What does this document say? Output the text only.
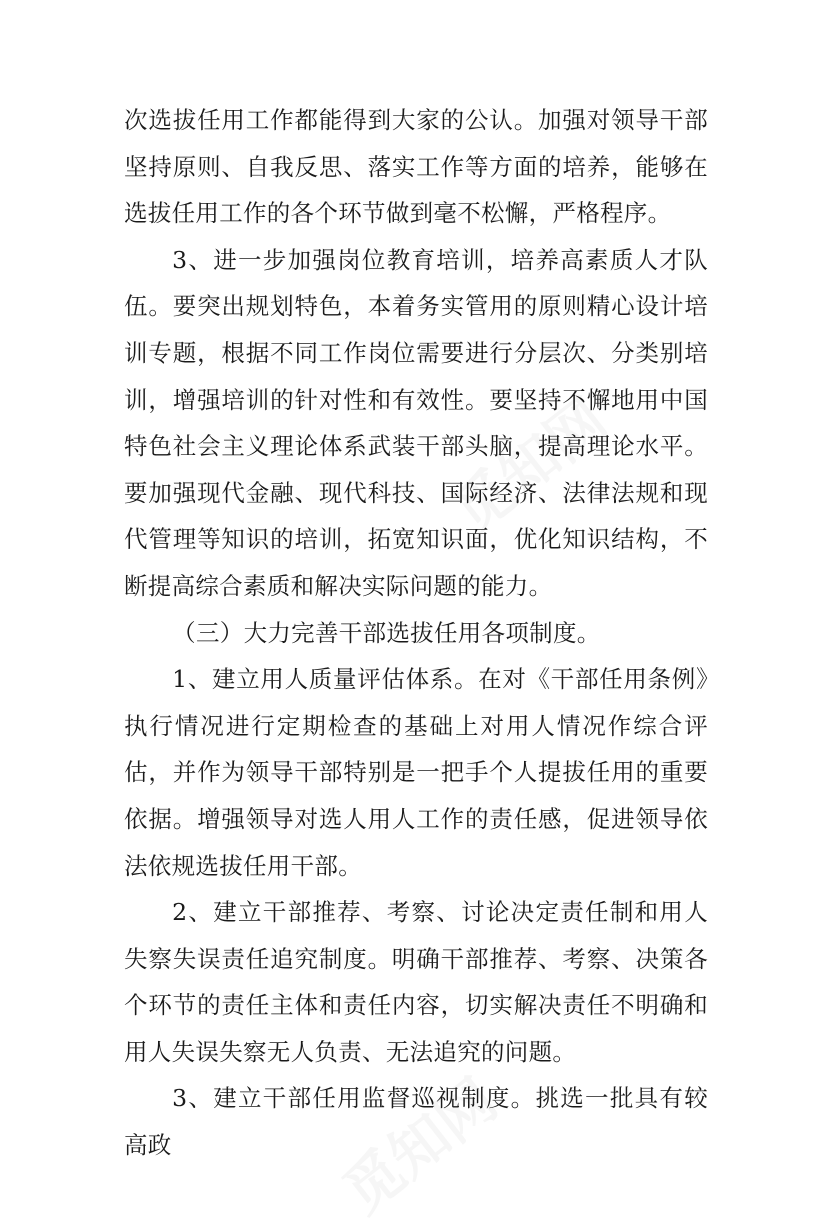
次选拔任用工作都能得到大家的公认。加强对领导干部坚持原则、自我反思、落实工作等方面的培养，能够在选拔任用工作的各个环节做到毫不松懈，严格程序。

3、进一步加强岗位教育培训，培养高素质人才队伍。要突出规划特色，本着务实管用的原则精心设计培训专题，根据不同工作岗位需要进行分层次、分类别培训，增强培训的针对性和有效性。要坚持不懈地用中国特色社会主义理论体系武装干部头脑，提高理论水平。要加强现代金融、现代科技、国际经济、法律法规和现代管理等知识的培训，拓宽知识面，优化知识结构，不断提高综合素质和解决实际问题的能力。

（三）大力完善干部选拔任用各项制度。

1、建立用人质量评估体系。在对《干部任用条例》执行情况进行定期检查的基础上对用人情况作综合评估，并作为领导干部特别是一把手个人提拔任用的重要依据。增强领导对选人用人工作的责任感，促进领导依法依规选拔任用干部。

2、建立干部推荐、考察、讨论决定责任制和用人失察失误责任追究制度。明确干部推荐、考察、决策各个环节的责任主体和责任内容，切实解决责任不明确和用人失误失察无人负责、无法追究的问题。

3、建立干部任用监督巡视制度。挑选一批具有较高政
